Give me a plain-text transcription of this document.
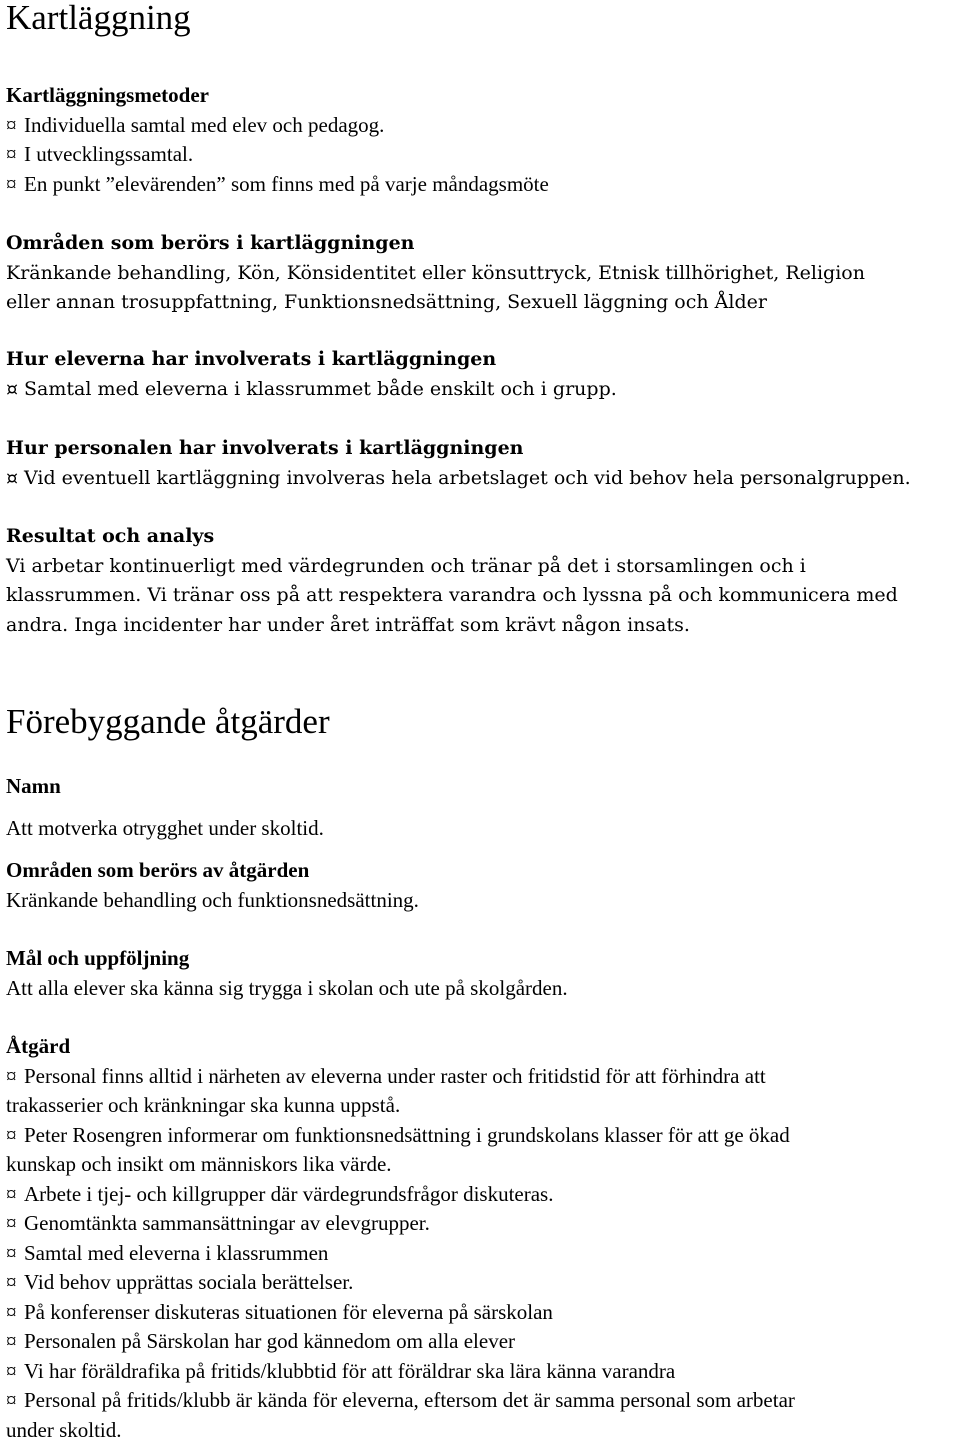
Kartläggning
Kartläggningsmetoder
¤ Individuella samtal med elev och pedagog.
¤ I utvecklingssamtal.
¤ En punkt ”elevärenden” som finns med på varje måndagsmöte
Områden som berörs i kartläggningen
Kränkande behandling, Kön, Könsidentitet eller könsuttryck, Etnisk tillhörighet, Religion
eller annan trosuppfattning, Funktionsnedsättning, Sexuell läggning och Ålder
Hur eleverna har involverats i kartläggningen
¤ Samtal med eleverna i klassrummet både enskilt och i grupp.
Hur personalen har involverats i kartläggningen
¤ Vid eventuell kartläggning involveras hela arbetslaget och vid behov hela personalgruppen.
Resultat och analys
Vi arbetar kontinuerligt med värdegrunden och tränar på det i storsamlingen och i
klassrummen. Vi tränar oss på att respektera varandra och lyssna på och kommunicera med
andra. Inga incidenter har under året inträffat som krävt någon insats.
Förebyggande åtgärder
Namn
Att motverka otrygghet under skoltid.
Områden som berörs av åtgärden
Kränkande behandling och funktionsnedsättning.
Mål och uppföljning
Att alla elever ska känna sig trygga i skolan och ute på skolgården.
Åtgärd
¤ Personal finns alltid i närheten av eleverna under raster och fritidstid för att förhindra att
trakasserier och kränkningar ska kunna uppstå.
¤ Peter Rosengren informerar om funktionsnedsättning i grundskolans klasser för att ge ökad
kunskap och insikt om människors lika värde.
¤ Arbete i tjej- och killgrupper där värdegrundsfrågor diskuteras.
¤ Genomtänkta sammansättningar av elevgrupper.
¤ Samtal med eleverna i klassrummen
¤ Vid behov upprättas sociala berättelser.
¤ På konferenser diskuteras situationen för eleverna på särskolan
¤ Personalen på Särskolan har god kännedom om alla elever
¤ Vi har föräldrafika på fritids/klubbtid för att föräldrar ska lära känna varandra
¤ Personal på fritids/klubb är kända för eleverna, eftersom det är samma personal som arbetar
under skoltid.
